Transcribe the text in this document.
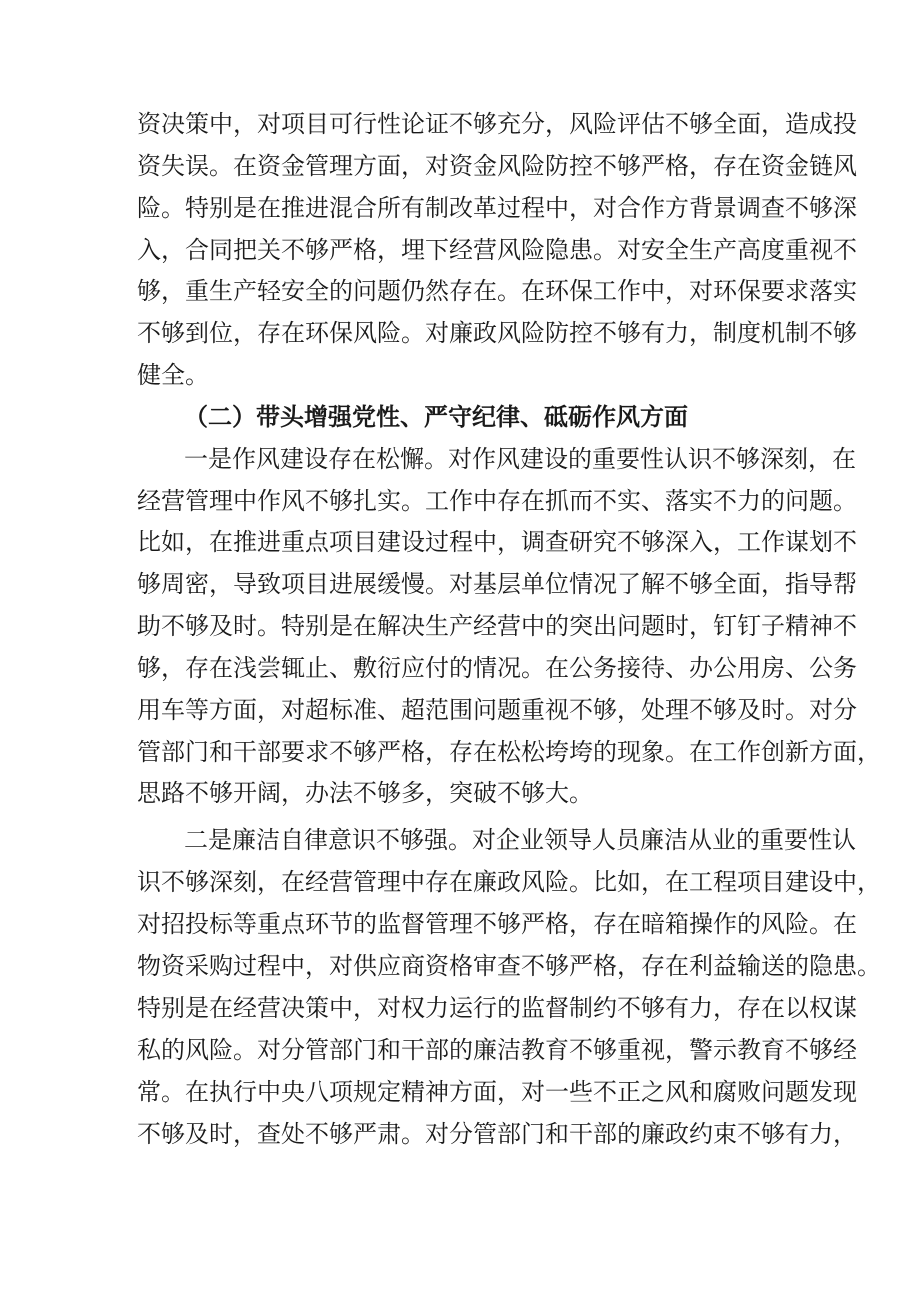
资决策中，对项目可行性论证不够充分，风险评估不够全面，造成投
资失误。在资金管理方面，对资金风险防控不够严格，存在资金链风
险。特别是在推进混合所有制改革过程中，对合作方背景调查不够深
入，合同把关不够严格，埋下经营风险隐患。对安全生产高度重视不
够，重生产轻安全的问题仍然存在。在环保工作中，对环保要求落实
不够到位，存在环保风险。对廉政风险防控不够有力，制度机制不够
健全。
（二）带头增强党性、严守纪律、砥砺作风方面
一是作风建设存在松懈。对作风建设的重要性认识不够深刻，在
经营管理中作风不够扎实。工作中存在抓而不实、落实不力的问题。
比如，在推进重点项目建设过程中，调查研究不够深入，工作谋划不
够周密，导致项目进展缓慢。对基层单位情况了解不够全面，指导帮
助不够及时。特别是在解决生产经营中的突出问题时，钉钉子精神不
够，存在浅尝辄止、敷衍应付的情况。在公务接待、办公用房、公务
用车等方面，对超标准、超范围问题重视不够，处理不够及时。对分
管部门和干部要求不够严格，存在松松垮垮的现象。在工作创新方面，
思路不够开阔，办法不够多，突破不够大。
二是廉洁自律意识不够强。对企业领导人员廉洁从业的重要性认
识不够深刻，在经营管理中存在廉政风险。比如，在工程项目建设中，
对招投标等重点环节的监督管理不够严格，存在暗箱操作的风险。在
物资采购过程中，对供应商资格审查不够严格，存在利益输送的隐患。
特别是在经营决策中，对权力运行的监督制约不够有力，存在以权谋
私的风险。对分管部门和干部的廉洁教育不够重视，警示教育不够经
常。在执行中央八项规定精神方面，对一些不正之风和腐败问题发现
不够及时，查处不够严肃。对分管部门和干部的廉政约束不够有力，
